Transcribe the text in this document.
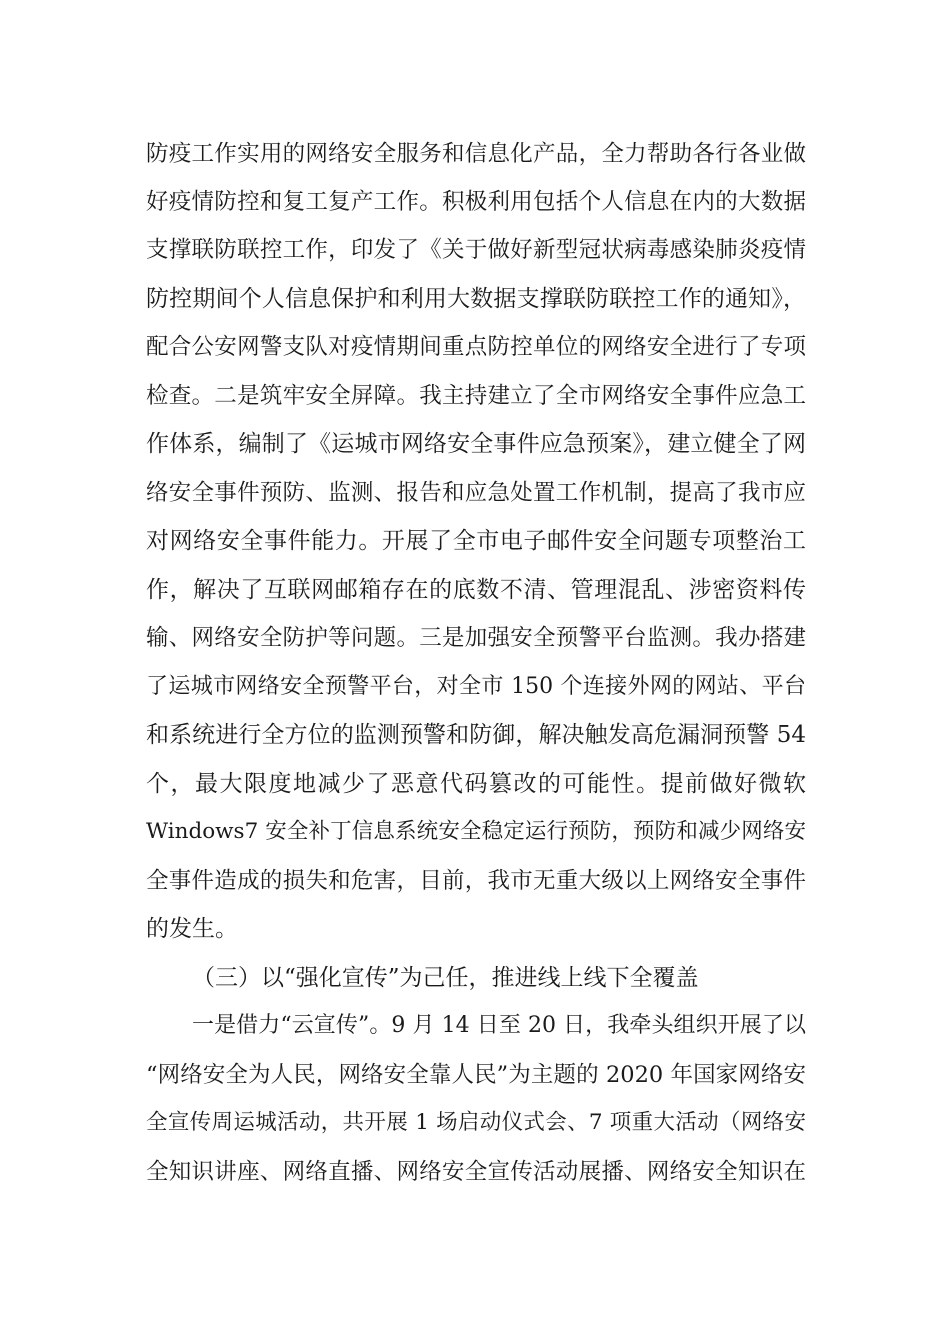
防疫工作实用的网络安全服务和信息化产品，全力帮助各行各业做
好疫情防控和复工复产工作。积极利用包括个人信息在内的大数据
支撑联防联控工作，印发了《关于做好新型冠状病毒感染肺炎疫情
防控期间个人信息保护和利用大数据支撑联防联控工作的通知》，
配合公安网警支队对疫情期间重点防控单位的网络安全进行了专项
检查。二是筑牢安全屏障。我主持建立了全市网络安全事件应急工
作体系，编制了《运城市网络安全事件应急预案》，建立健全了网
络安全事件预防、监测、报告和应急处置工作机制，提高了我市应
对网络安全事件能力。开展了全市电子邮件安全问题专项整治工
作，解决了互联网邮箱存在的底数不清、管理混乱、涉密资料传
输、网络安全防护等问题。三是加强安全预警平台监测。我办搭建
了运城市网络安全预警平台，对全市 150 个连接外网的网站、平台
和系统进行全方位的监测预警和防御，解决触发高危漏洞预警 54
个，最大限度地减少了恶意代码篡改的可能性。提前做好微软
Windows7 安全补丁信息系统安全稳定运行预防，预防和减少网络安
全事件造成的损失和危害，目前，我市无重大级以上网络安全事件
的发生。
（三）以“强化宣传”为己任，推进线上线下全覆盖
一是借力“云宣传”。9 月 14 日至 20 日，我牵头组织开展了以
“网络安全为人民，网络安全靠人民”为主题的 2020 年国家网络安
全宣传周运城活动，共开展 1 场启动仪式会、7 项重大活动（网络安
全知识讲座、网络直播、网络安全宣传活动展播、网络安全知识在
